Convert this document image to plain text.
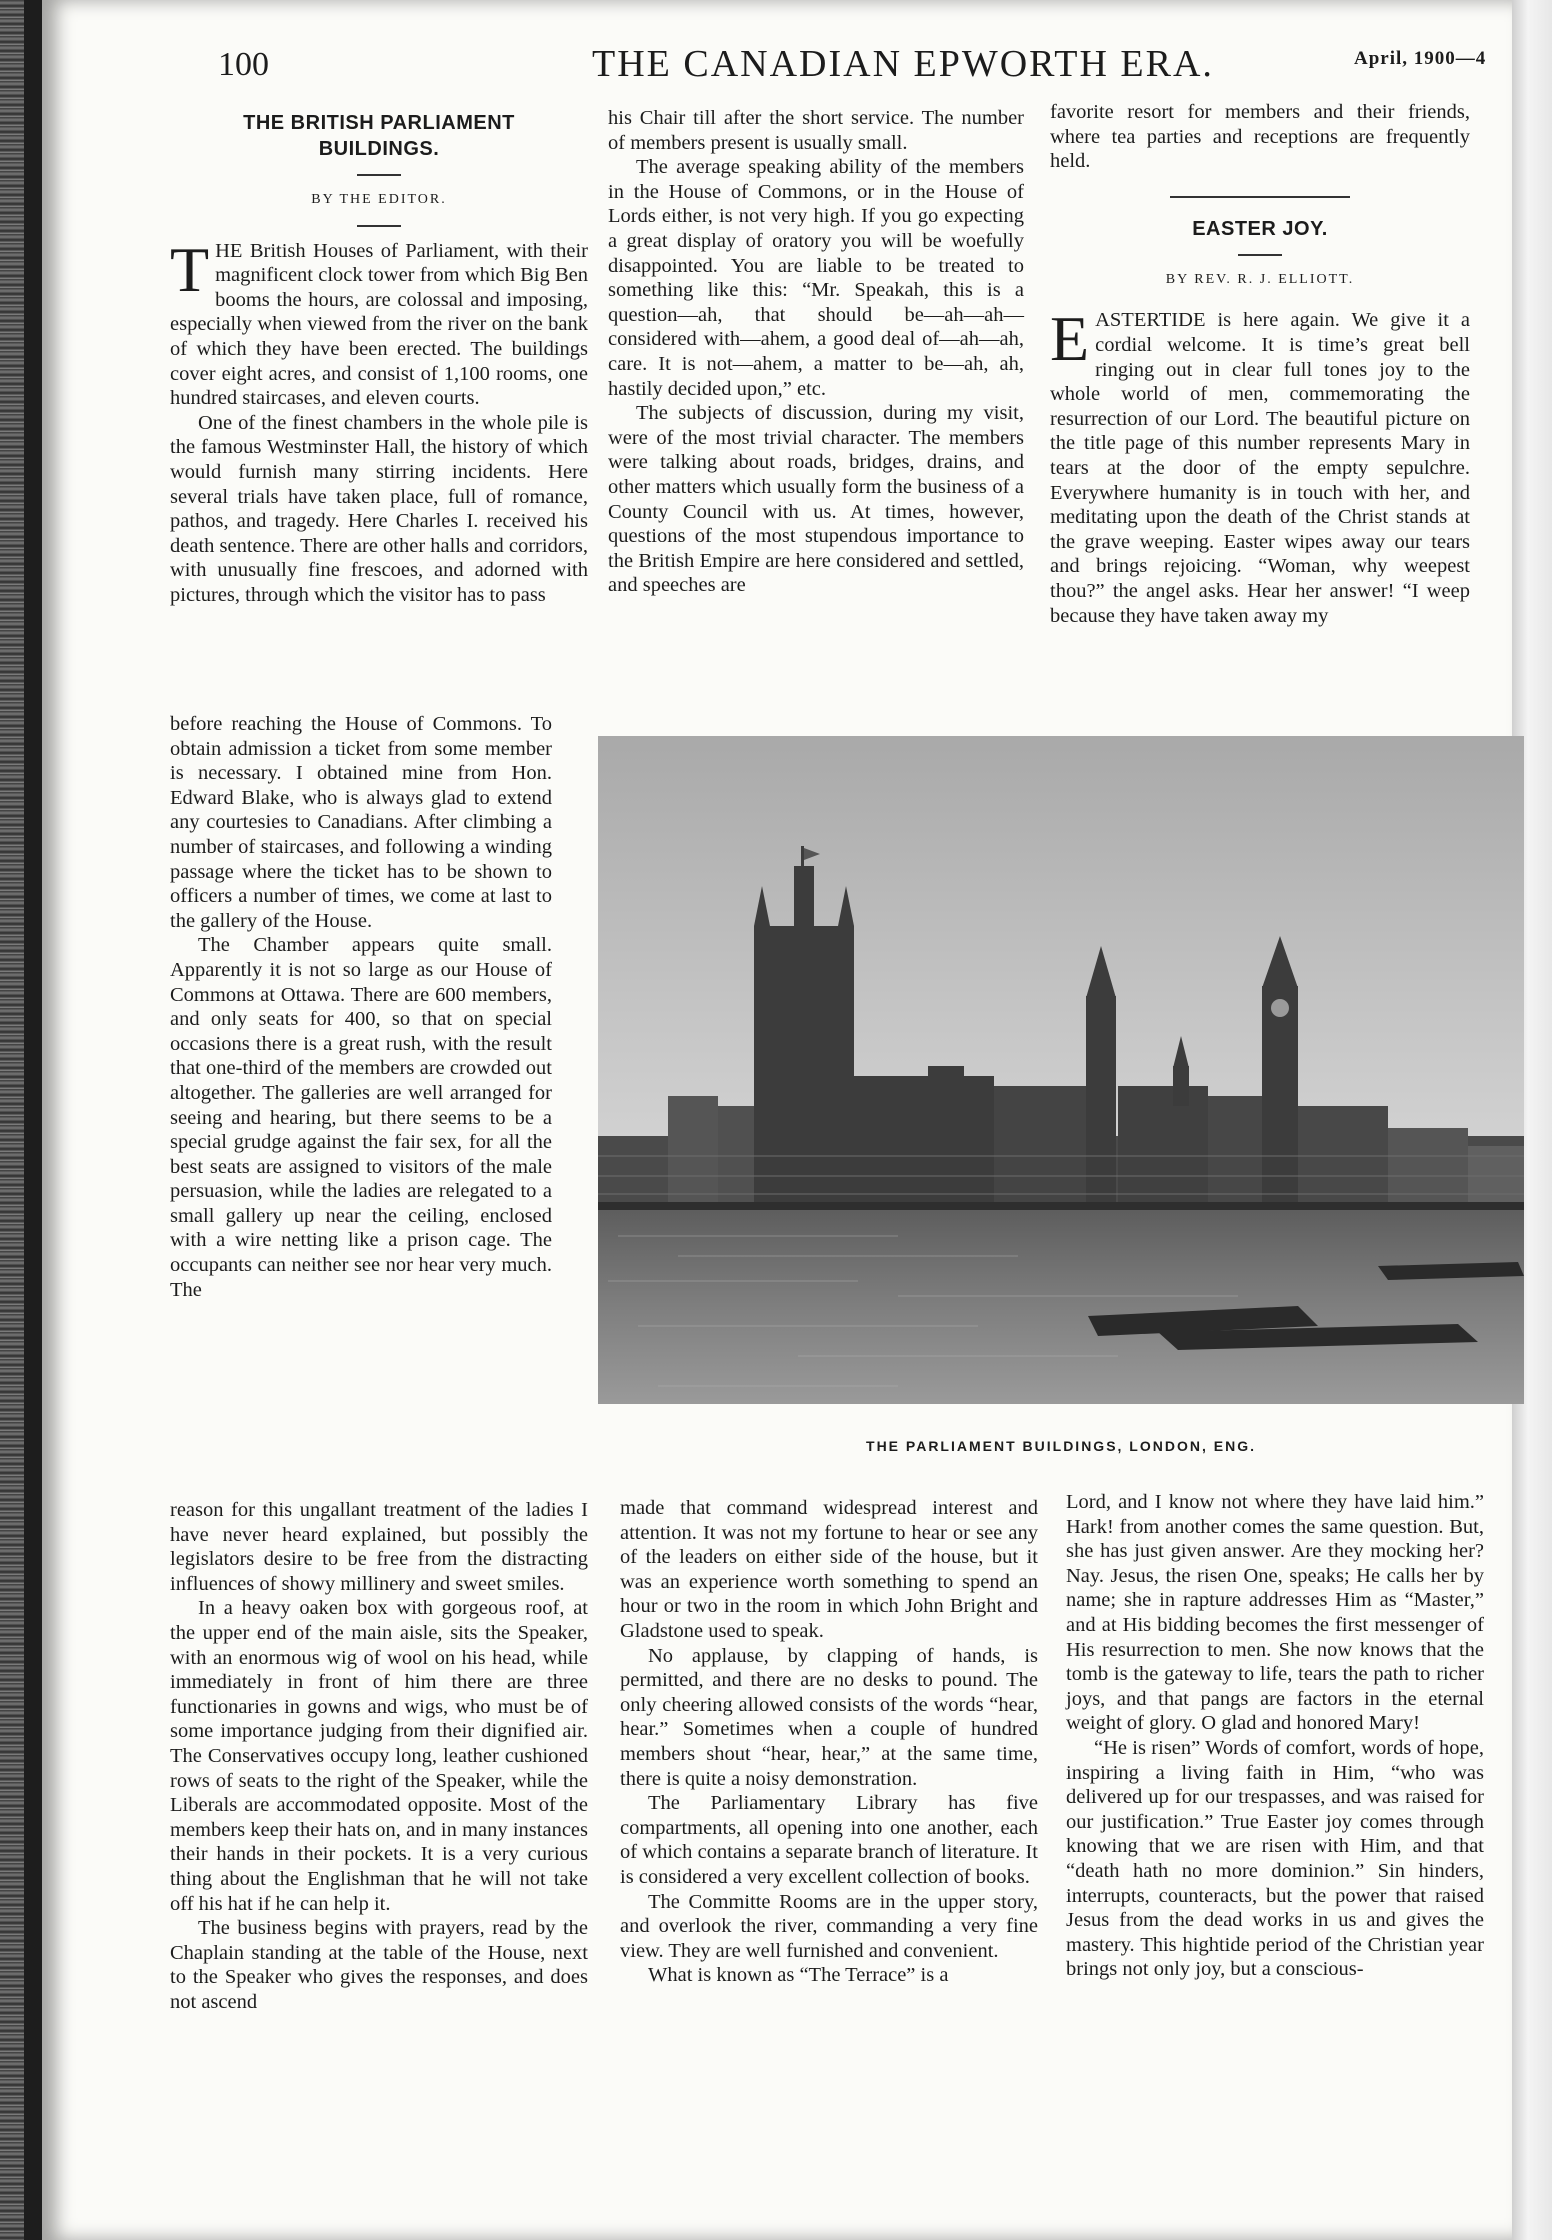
100	THE CANADIAN EPWORTH ERA.	April, 1900—4
THE BRITISH PARLIAMENT
BUILDINGS.
BY THE EDITOR.

THE British Houses of Parliament, with their magnificent clock tower from which Big Ben booms the hours, are colossal and imposing, especially when viewed from the river on the bank of which they have been erected. The buildings cover eight acres, and consist of 1,100 rooms, one hundred staircases, and eleven courts.

One of the finest chambers in the whole pile is the famous Westminster Hall, the history of which would furnish many stirring incidents. Here several trials have taken place, full of romance, pathos, and tragedy. Here Charles I. received his death sentence. There are other halls and corridors, with unusually fine frescoes, and adorned with pictures, through which the visitor has to pass

before reaching the House of Commons. To obtain admission a ticket from some member is necessary. I obtained mine from Hon. Edward Blake, who is always glad to extend any courtesies to Canadians. After climbing a number of staircases, and following a winding passage where the ticket has to be shown to officers a number of times, we come at last to the gallery of the House.

The Chamber appears quite small. Apparently it is not so large as our House of Commons at Ottawa. There are 600 members, and only seats for 400, so that on special occasions there is a great rush, with the result that one-third of the members are crowded out altogether. The galleries are well arranged for seeing and hearing, but there seems to be a special grudge against the fair sex, for all the best seats are assigned to visitors of the male persuasion, while the ladies are relegated to a small gallery up near the ceiling, enclosed with a wire netting like a prison cage. The occupants can neither see nor hear very much. The

reason for this ungallant treatment of the ladies I have never heard explained, but possibly the legislators desire to be free from the distracting influences of showy millinery and sweet smiles.

In a heavy oaken box with gorgeous roof, at the upper end of the main aisle, sits the Speaker, with an enormous wig of wool on his head, while immediately in front of him there are three functionaries in gowns and wigs, who must be of some importance judging from their dignified air. The Conservatives occupy long, leather cushioned rows of seats to the right of the Speaker, while the Liberals are accommodated opposite. Most of the members keep their hats on, and in many instances their hands in their pockets. It is a very curious thing about the Englishman that he will not take off his hat if he can help it.

The business begins with prayers, read by the Chaplain standing at the table of the House, next to the Speaker who gives the responses, and does not ascend

his Chair till after the short service. The number of members present is usually small.

The average speaking ability of the members in the House of Commons, or in the House of Lords either, is not very high. If you go expecting a great display of oratory you will be woefully disappointed. You are liable to be treated to something like this: “Mr. Speakah, this is a question—ah, that should be—ah—ah—considered with—ahem, a good deal of—ah—ah, care. It is not—ahem, a matter to be—ah, ah, hastily decided upon,” etc.

The subjects of discussion, during my visit, were of the most trivial character. The members were talking about roads, bridges, drains, and other matters which usually form the business of a County Council with us. At times, however, questions of the most stupendous importance to the British Empire are here considered and settled, and speeches are

made that command widespread interest and attention. It was not my fortune to hear or see any of the leaders on either side of the house, but it was an experience worth something to spend an hour or two in the room in which John Bright and Gladstone used to speak.

No applause, by clapping of hands, is permitted, and there are no desks to pound. The only cheering allowed consists of the words “hear, hear.” Sometimes when a couple of hundred members shout “hear, hear,” at the same time, there is quite a noisy demonstration.

The Parliamentary Library has five compartments, all opening into one another, each of which contains a separate branch of literature. It is considered a very excellent collection of books.

The Committe Rooms are in the upper story, and overlook the river, commanding a very fine view. They are well furnished and convenient.

What is known as “The Terrace” is a

favorite resort for members and their friends, where tea parties and receptions are frequently held.

EASTER JOY.
BY REV. R. J. ELLIOTT.

EASTERTIDE is here again. We give it a cordial welcome. It is time’s great bell ringing out in clear full tones joy to the whole world of men, commemorating the resurrection of our Lord. The beautiful picture on the title page of this number represents Mary in tears at the door of the empty sepulchre. Everywhere humanity is in touch with her, and meditating upon the death of the Christ stands at the grave weeping. Easter wipes away our tears and brings rejoicing. “Woman, why weepest thou?” the angel asks. Hear her answer! “I weep because they have taken away my

Lord, and I know not where they have laid him.” Hark! from another comes the same question. But, she has just given answer. Are they mocking her? Nay. Jesus, the risen One, speaks; He calls her by name; she in rapture addresses Him as “Master,” and at His bidding becomes the first messenger of His resurrection to men. She now knows that the tomb is the gateway to life, tears the path to richer joys, and that pangs are factors in the eternal weight of glory. O glad and honored Mary!

“He is risen” Words of comfort, words of hope, inspiring a living faith in Him, “who was delivered up for our trespasses, and was raised for our justification.” True Easter joy comes through knowing that we are risen with Him, and that “death hath no more dominion.” Sin hinders, interrupts, counteracts, but the power that raised Jesus from the dead works in us and gives the mastery. This hightide period of the Christian year brings not only joy, but a conscious-

THE PARLIAMENT BUILDINGS, LONDON, ENG.
